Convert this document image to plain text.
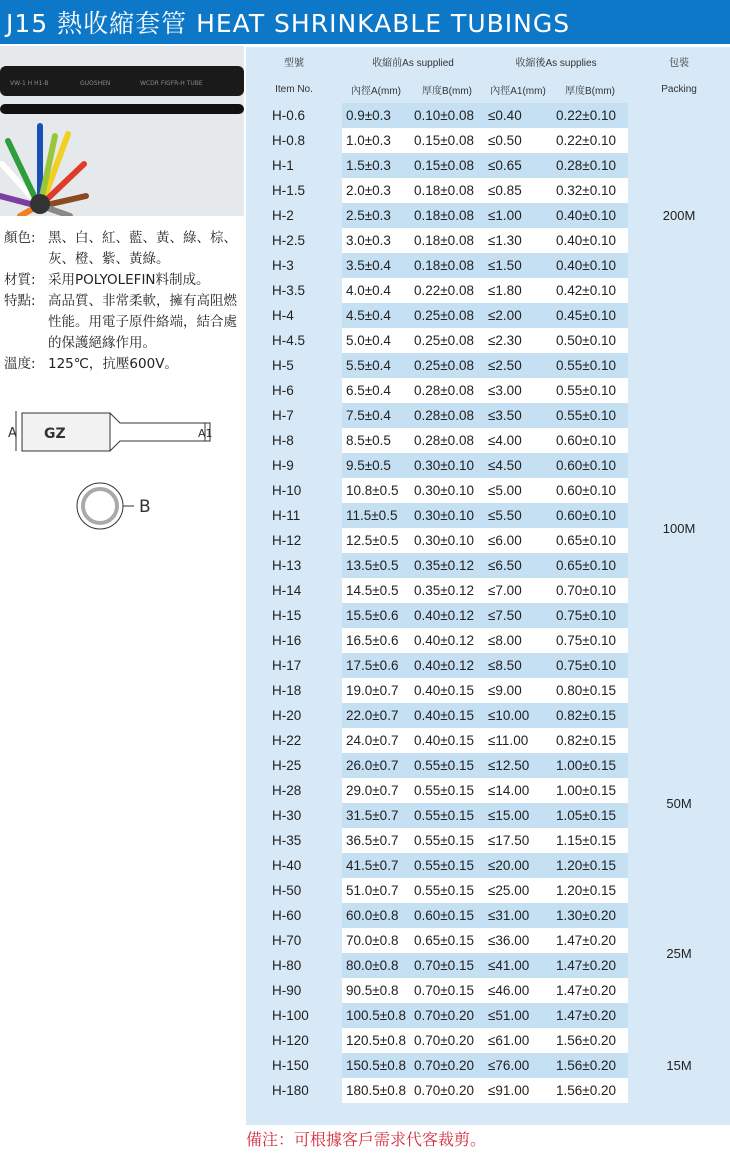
J15 熱收縮套管 HEAT SHRINKABLE TUBINGS
VW-1 H H1-B	GUOSHEN	WCDR FIGFR-H TUBE
顏色: 黑、白、紅、藍、黃、綠、棕、灰、橙、紫、黃綠。
材質: 采用POLYOLEFIN料制成。
特點: 高品質、非常柔軟，擁有高阻燃性能。用電子原件絡端，結合處的保護絕緣作用。
溫度: 125℃，抗壓600V。
A GZ	A1
B
型號	收縮前As supplied		收縮後As supplies		包裝
Item No.	內徑A(mm)	厚度B(mm)	內徑A1(mm)	厚度B(mm)	Packing
H-0.6	0.9±0.3	0.10±0.08	≤0.40	0.22±0.10	200M
H-0.8	1.0±0.3	0.15±0.08	≤0.50	0.22±0.10	
H-1	1.5±0.3	0.15±0.08	≤0.65	0.28±0.10	
H-1.5	2.0±0.3	0.18±0.08	≤0.85	0.32±0.10	
H-2	2.5±0.3	0.18±0.08	≤1.00	0.40±0.10	
H-2.5	3.0±0.3	0.18±0.08	≤1.30	0.40±0.10	
H-3	3.5±0.4	0.18±0.08	≤1.50	0.40±0.10	
H-3.5	4.0±0.4	0.22±0.08	≤1.80	0.42±0.10	
H-4	4.5±0.4	0.25±0.08	≤2.00	0.45±0.10	
H-4.5	5.0±0.4	0.25±0.08	≤2.30	0.50±0.10	100M
H-5	5.5±0.4	0.25±0.08	≤2.50	0.55±0.10	
H-6	6.5±0.4	0.28±0.08	≤3.00	0.55±0.10	
H-7	7.5±0.4	0.28±0.08	≤3.50	0.55±0.10	
H-8	8.5±0.5	0.28±0.08	≤4.00	0.60±0.10	
H-9	9.5±0.5	0.30±0.10	≤4.50	0.60±0.10	
H-10	10.8±0.5	0.30±0.10	≤5.00	0.60±0.10	
H-11	11.5±0.5	0.30±0.10	≤5.50	0.60±0.10	
H-12	12.5±0.5	0.30±0.10	≤6.00	0.65±0.10	
H-13	13.5±0.5	0.35±0.12	≤6.50	0.65±0.10	
H-14	14.5±0.5	0.35±0.12	≤7.00	0.70±0.10	
H-15	15.5±0.6	0.40±0.12	≤7.50	0.75±0.10	
H-16	16.5±0.6	0.40±0.12	≤8.00	0.75±0.10	
H-17	17.5±0.6	0.40±0.12	≤8.50	0.75±0.10	
H-18	19.0±0.7	0.40±0.15	≤9.00	0.80±0.15	
H-20	22.0±0.7	0.40±0.15	≤10.00	0.82±0.15	
H-22	24.0±0.7	0.40±0.15	≤11.00	0.82±0.15	50M
H-25	26.0±0.7	0.55±0.15	≤12.50	1.00±0.15	
H-28	29.0±0.7	0.55±0.15	≤14.00	1.00±0.15	
H-30	31.5±0.7	0.55±0.15	≤15.00	1.05±0.15	
H-35	36.5±0.7	0.55±0.15	≤17.50	1.15±0.15	
H-40	41.5±0.7	0.55±0.15	≤20.00	1.20±0.15	
H-50	51.0±0.7	0.55±0.15	≤25.00	1.20±0.15	25M
H-60	60.0±0.8	0.60±0.15	≤31.00	1.30±0.20	
H-70	70.0±0.8	0.65±0.15	≤36.00	1.47±0.20	
H-80	80.0±0.8	0.70±0.15	≤41.00	1.47±0.20	
H-90	90.5±0.8	0.70±0.15	≤46.00	1.47±0.20	
H-100	100.5±0.8	0.70±0.20	≤51.00	1.47±0.20	
H-120	120.5±0.8	0.70±0.20	≤61.00	1.56±0.20	15M
H-150	150.5±0.8	0.70±0.20	≤76.00	1.56±0.20	
H-180	180.5±0.8	0.70±0.20	≤91.00	1.56±0.20	
備注：可根據客戶需求代客裁剪。
